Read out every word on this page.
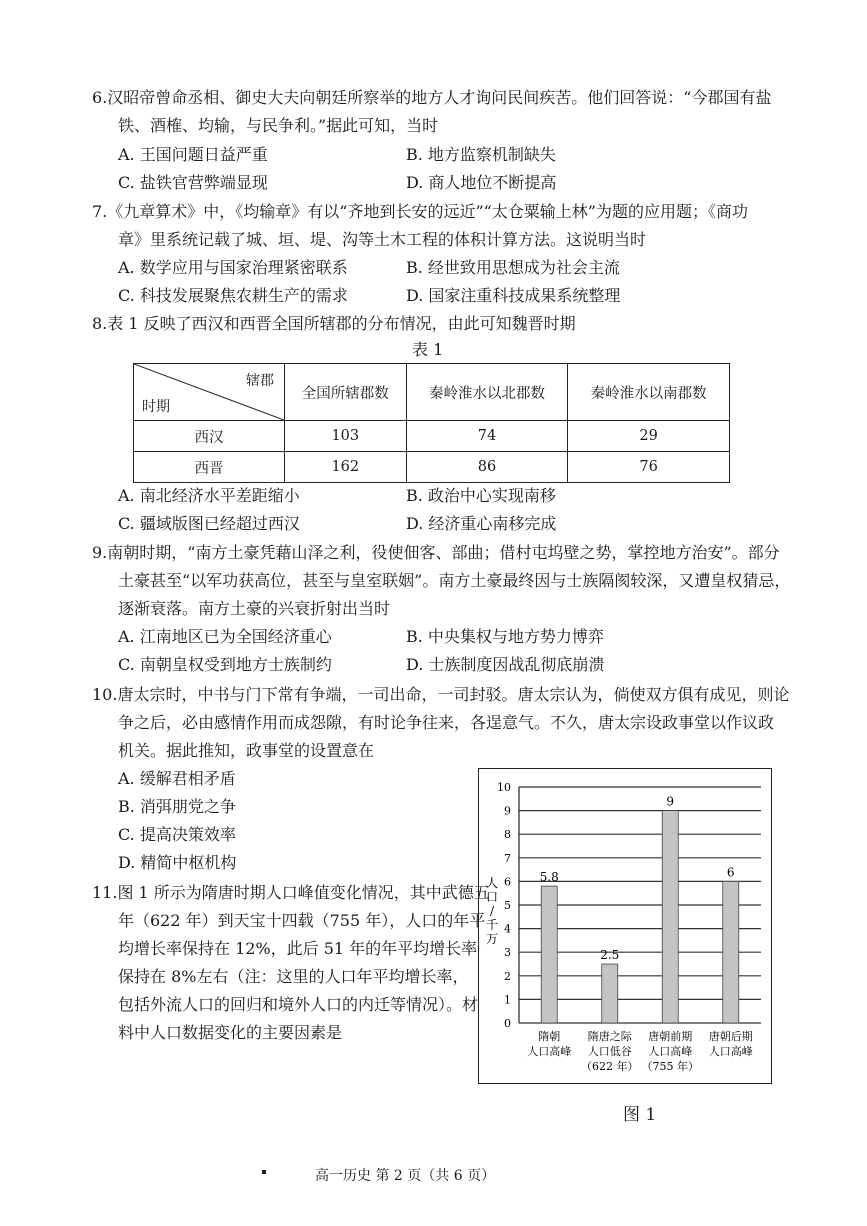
6.汉昭帝曾命丞相、御史大夫向朝廷所察举的地方人才询问民间疾苦。他们回答说：“今郡国有盐
铁、酒榷、均输，与民争利。”据此可知，当时
A. 王国问题日益严重	B. 地方监察机制缺失
C. 盐铁官营弊端显现	D. 商人地位不断提高
7.《九章算术》中，《均输章》有以“齐地到长安的远近”“太仓粟输上林”为题的应用题；《商功
章》里系统记载了城、垣、堤、沟等土木工程的体积计算方法。这说明当时
A. 数学应用与国家治理紧密联系	B. 经世致用思想成为社会主流
C. 科技发展聚焦农耕生产的需求	D. 国家注重科技成果系统整理
8.表 1 反映了西汉和西晋全国所辖郡的分布情况，由此可知魏晋时期
表 1
辖郡
时期	全国所辖郡数	秦岭淮水以北郡数	秦岭淮水以南郡数
西汉	103	74	29
西晋	162	86	76
A. 南北经济水平差距缩小	B. 政治中心实现南移
C. 疆域版图已经超过西汉	D. 经济重心南移完成
9.南朝时期，“南方土豪凭藉山泽之利，役使佃客、部曲；借村屯坞壁之势，掌控地方治安”。部分
土豪甚至“以军功获高位，甚至与皇室联姻”。南方土豪最终因与士族隔阂较深，又遭皇权猜忌，
逐渐衰落。南方土豪的兴衰折射出当时
A. 江南地区已为全国经济重心	B. 中央集权与地方势力博弈
C. 南朝皇权受到地方士族制约	D. 士族制度因战乱彻底崩溃
10.唐太宗时，中书与门下常有争端，一司出命，一司封驳。唐太宗认为，倘使双方俱有成见，则论
争之后，必由感情作用而成怨隙，有时论争往来，各逞意气。不久，唐太宗设政事堂以作议政
机关。据此推知，政事堂的设置意在
A. 缓解君相矛盾
B. 消弭朋党之争
C. 提高决策效率
D. 精简中枢机构
11.图 1 所示为隋唐时期人口峰值变化情况，其中武德五
年（622 年）到天宝十四载（755 年），人口的年平
均增长率保持在 12%，此后 51 年的年平均增长率
保持在 8%左右（注：这里的人口年平均增长率，
包括外流人口的回归和境外人口的内迁等情况）。材
料中人口数据变化的主要因素是	0
1
2
3
4
5
6
7
8
9
10
人
口
/
千
万
5.8
隋朝
人口高峰
2.5
隋唐之际
人口低谷
（622 年）
9
唐朝前期
人口高峰
（755 年）
6
唐朝后期
人口高峰
图 1
高一历史 第 2 页（共 6 页）
